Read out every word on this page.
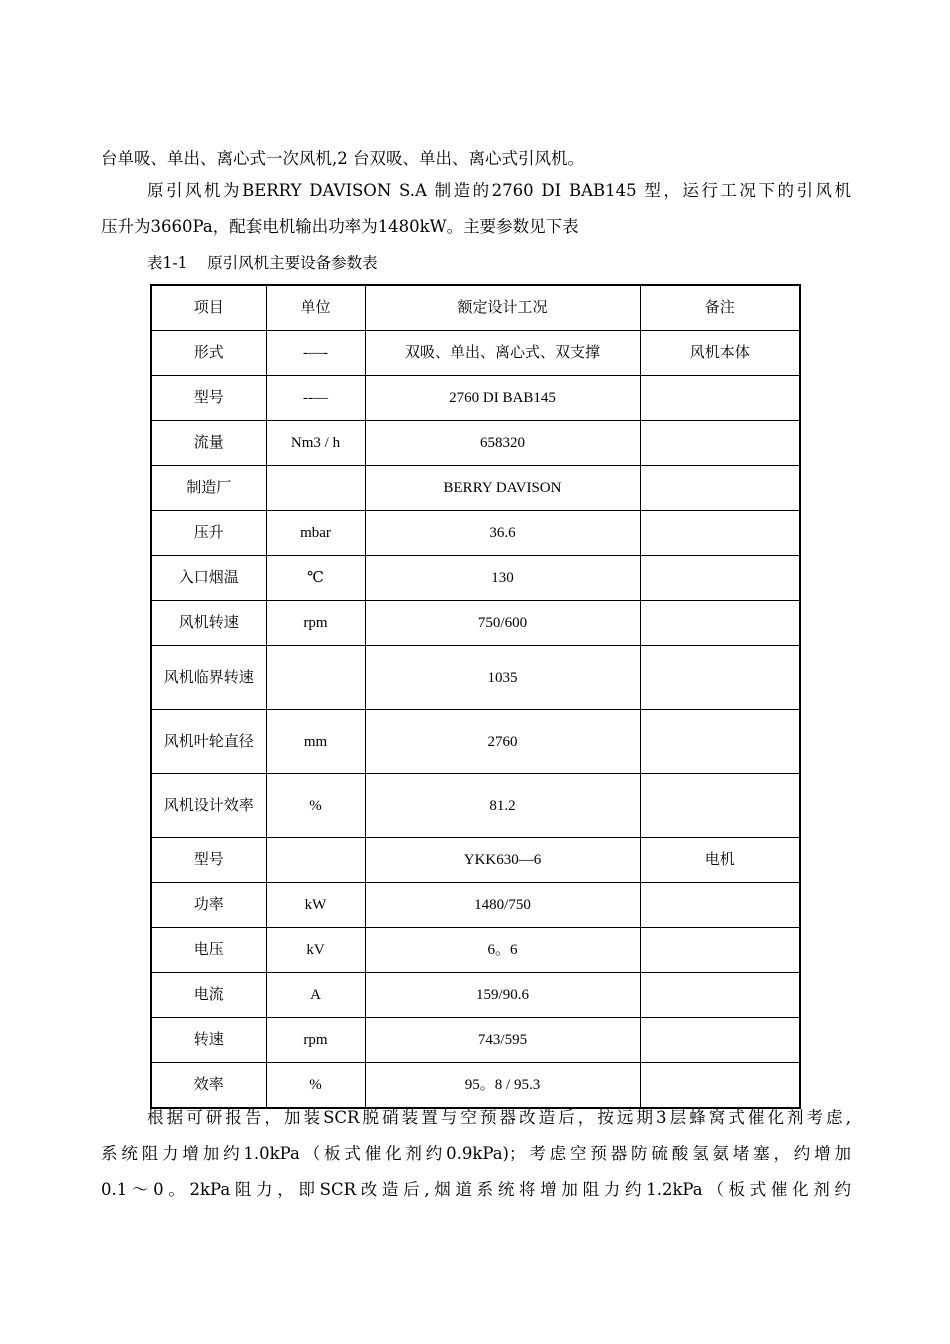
台单吸、单出、离心式一次风机,2 台双吸、单出、离心式引风机。

原引风机为BERRY DAVISON S.A 制造的2760 DI BAB145 型，运行工况下的引风机
压升为3660Pa，配套电机输出功率为1480kW。主要参数见下表

表1-1    原引风机主要设备参数表
项目	单位	额定设计工况	备注
形式	-—-	双吸、单出、离心式、双支撑	风机本体
型号	--—	2760 DI BAB145	
流量	Nm3 / h	658320	
制造厂		BERRY DAVISON	
压升	mbar	36.6	
入口烟温	℃	130	
风机转速	rpm	750/600	
风机临界转速		1035	
风机叶轮直径	mm	2760	
风机设计效率	%	81.2	
型号		YKK630—6	电机
功率	kW	1480/750	
电压	kV	6。6	
电流	A	159/90.6	
转速	rpm	743/595	
效率	%	95。8 / 95.3	

根据可研报告，加装SCR脱硝装置与空预器改造后，按远期3层蜂窝式催化剂考虑,
系统阻力增加约1.0kPa（板式催化剂约0.9kPa)；考虑空预器防硫酸氢氨堵塞，约增加
0.1～0。2kPa阻力，即SCR改造后,烟道系统将增加阻力约1.2kPa（板式催化剂约
